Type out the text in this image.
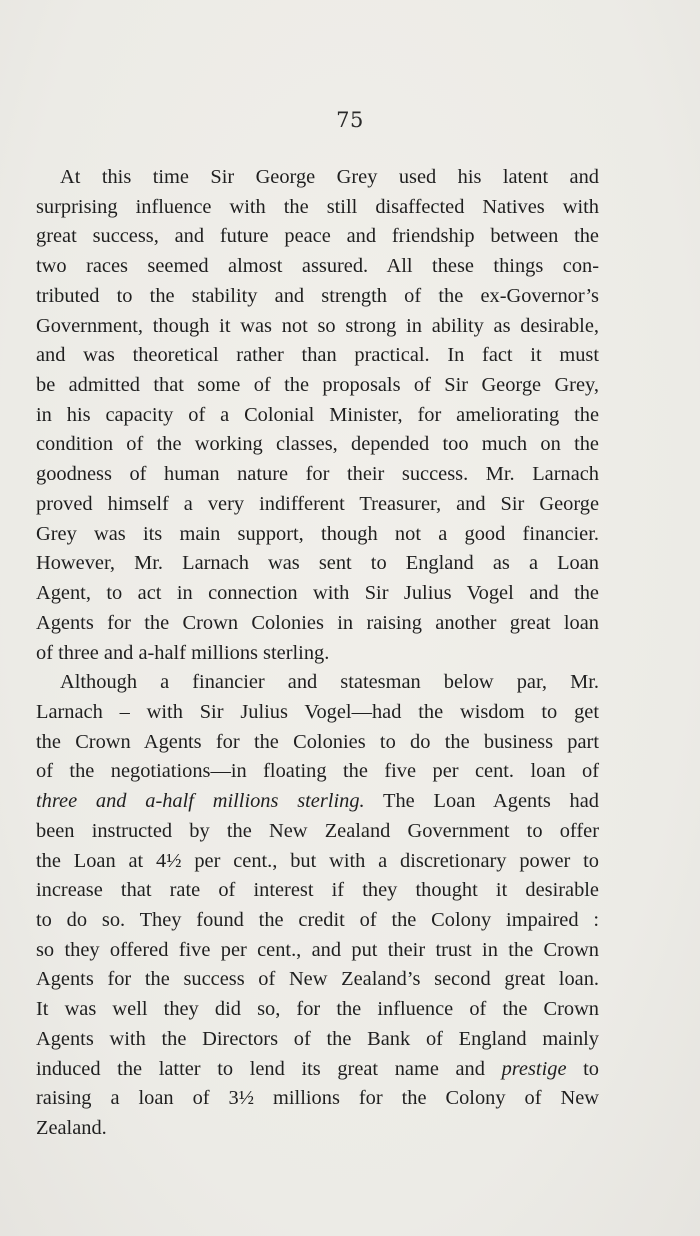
75
At this time Sir George Grey used his latent and
surprising influence with the still disaffected Natives with
great success, and future peace and friendship between the
two races seemed almost assured. All these things con-
tributed to the stability and strength of the ex-Governor’s
Government, though it was not so strong in ability as desirable,
and was theoretical rather than practical. In fact it must
be admitted that some of the proposals of Sir George Grey,
in his capacity of a Colonial Minister, for ameliorating the
condition of the working classes, depended too much on the
goodness of human nature for their success. Mr. Larnach
proved himself a very indifferent Treasurer, and Sir George
Grey was its main support, though not a good financier.
However, Mr. Larnach was sent to England as a Loan
Agent, to act in connection with Sir Julius Vogel and the
Agents for the Crown Colonies in raising another great loan
of three and a-half millions sterling.
Although a financier and statesman below par, Mr.
Larnach – with Sir Julius Vogel—had the wisdom to get
the Crown Agents for the Colonies to do the business part
of the negotiations—in floating the five per cent. loan of
three and a-half millions sterling. The Loan Agents had
been instructed by the New Zealand Government to offer
the Loan at 4½ per cent., but with a discretionary power to
increase that rate of interest if they thought it desirable
to do so. They found the credit of the Colony impaired :
so they offered five per cent., and put their trust in the Crown
Agents for the success of New Zealand’s second great loan.
It was well they did so, for the influence of the Crown
Agents with the Directors of the Bank of England mainly
induced the latter to lend its great name and prestige to
raising a loan of 3½ millions for the Colony of New
Zealand.
